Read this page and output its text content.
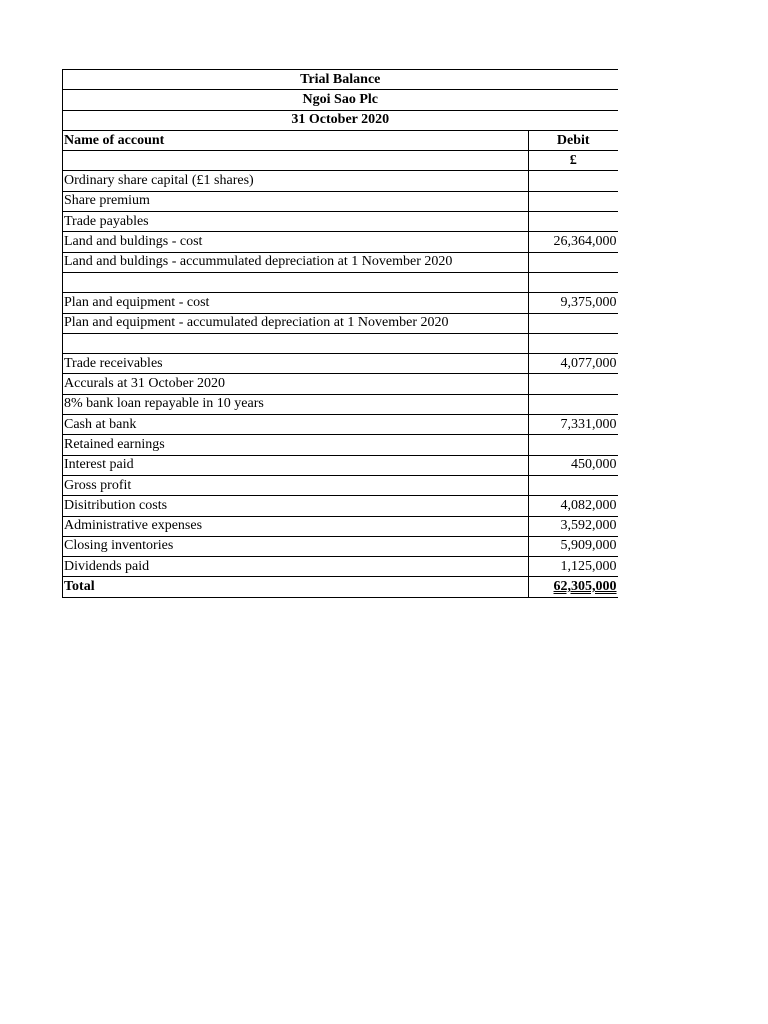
Trial Balance	
Ngoi Sao Plc	
31 October 2020	
Name of account	Debit
	£
Ordinary share capital (£1 shares)	
Share premium	
Trade payables	
Land and buldings - cost	26,364,000
Land and buldings - accummulated depreciation at 1 November 2020	

Plan and equipment - cost	9,375,000
Plan and equipment - accumulated depreciation at 1 November 2020	

Trade receivables	4,077,000
Accurals at 31 October 2020	
8% bank loan repayable in 10 years	
Cash at bank	7,331,000
Retained earnings	
Interest paid	450,000
Gross profit	
Disitribution costs	4,082,000
Administrative expenses	3,592,000
Closing inventories	5,909,000
Dividends paid	1,125,000
Total	62,305,000
